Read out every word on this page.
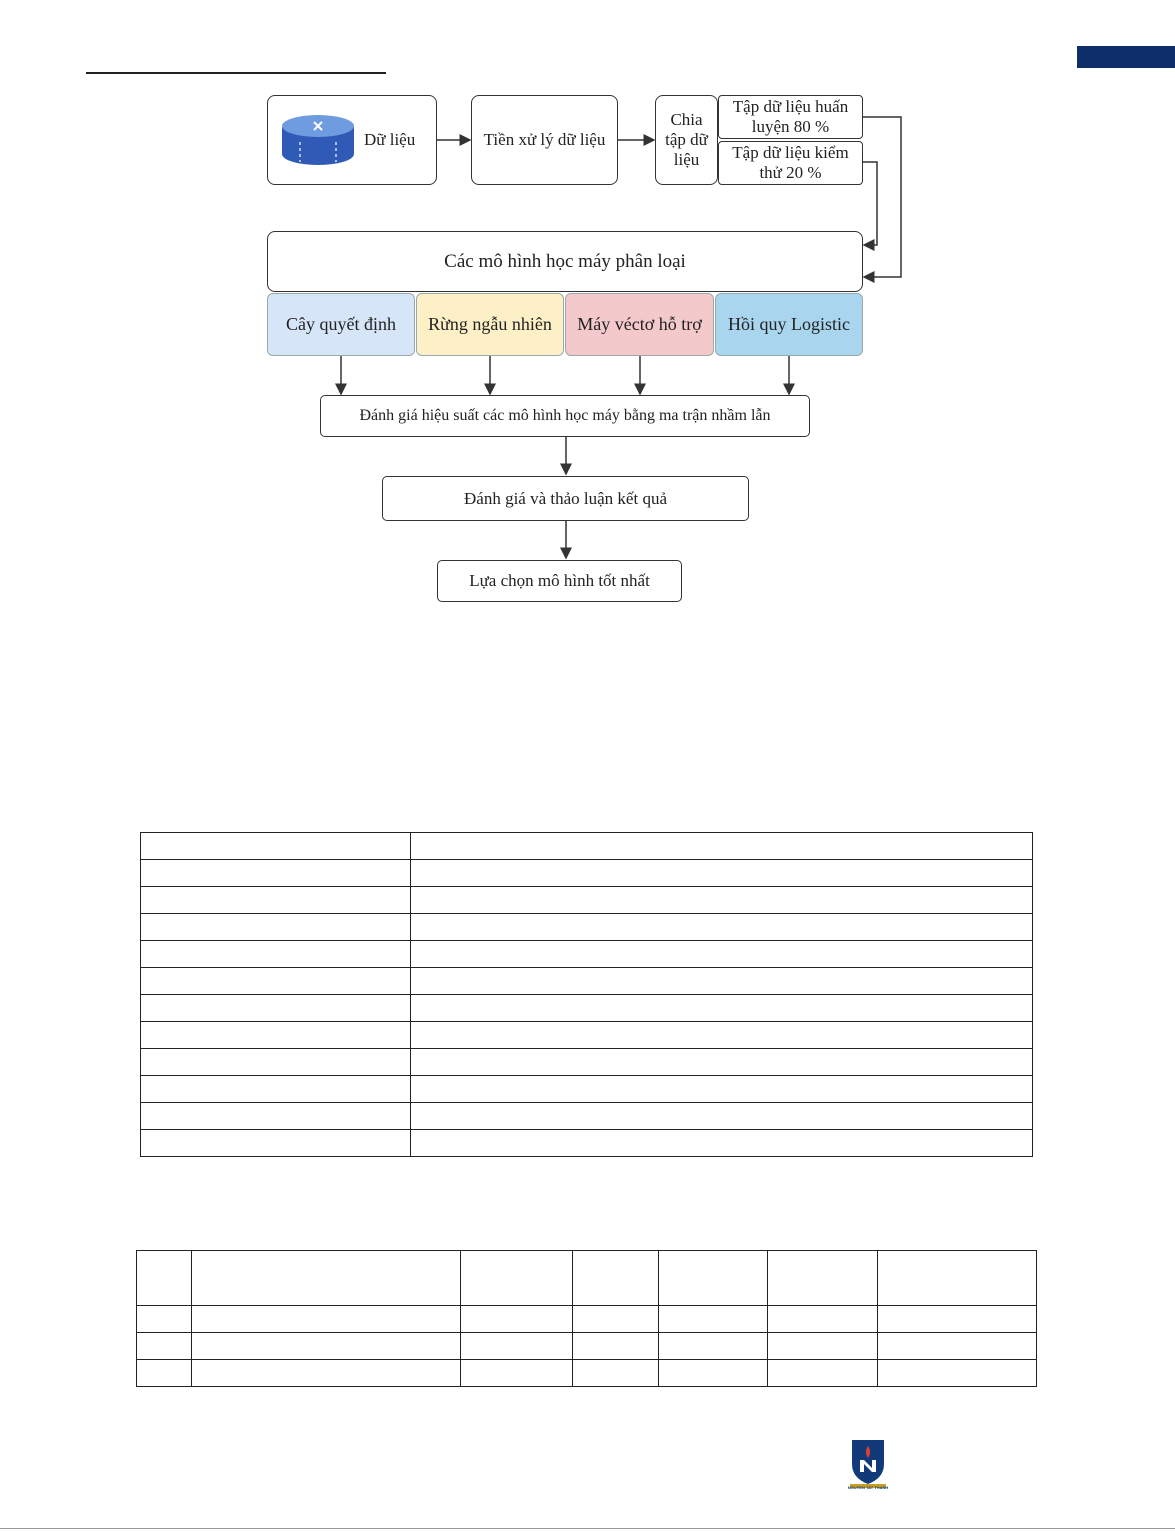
Dữ liệu	Tiền xử lý dữ liệu
Chia
tập dữ
liệu
Tập dữ liệu huấn
luyện 80 %
Tập dữ liệu kiểm
thử 20 %
Các mô hình học máy phân loại
Cây quyết định Rừng ngẫu nhiên Máy véctơ hỗ trợ Hồi quy Logistic
Đánh giá hiệu suất các mô hình học máy bằng ma trận nhầm lẫn
Đánh giá và thảo luận kết quả
Lựa chọn mô hình tốt nhất

NGUYEN TAT THANH
